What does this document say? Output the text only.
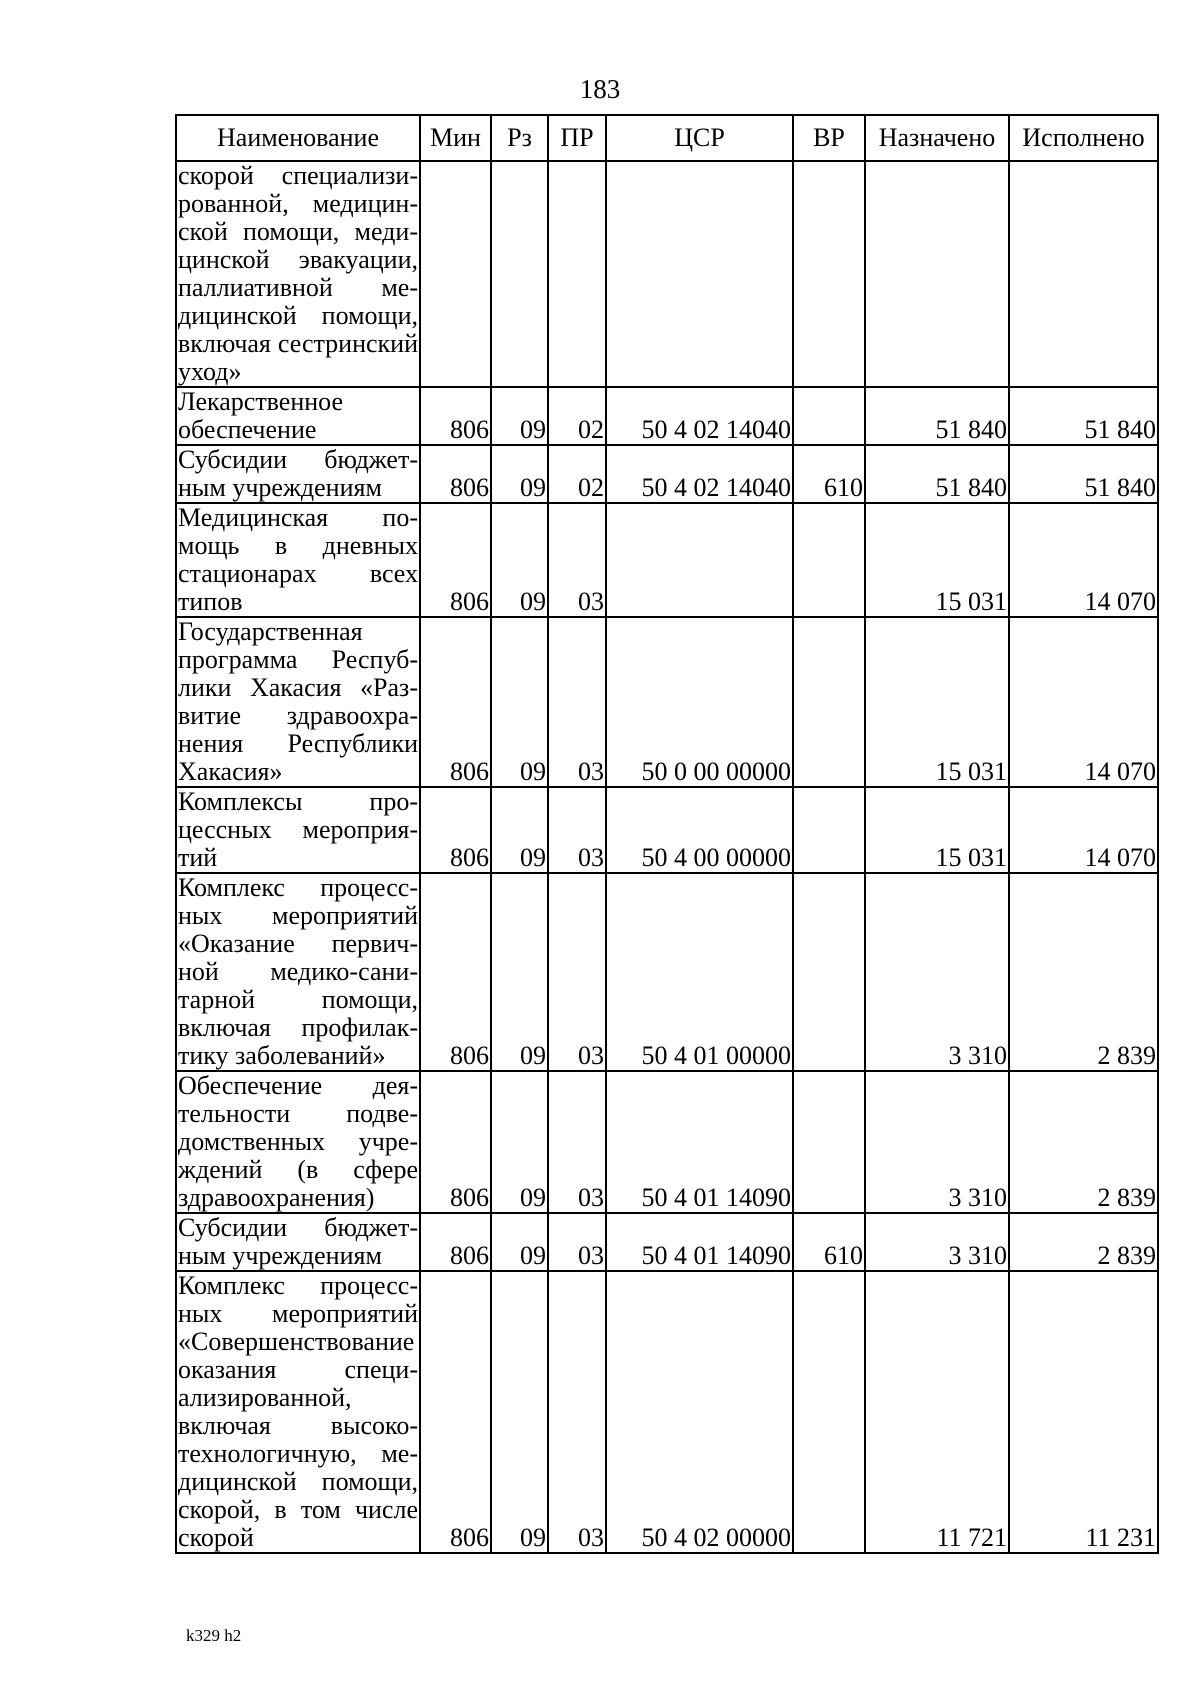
183
Наименование	Мин	Рз	ПР	ЦСР	ВР	Назначено	Исполнено
скорой специализированной, медицинской помощи, медицинской эвакуации, паллиативной медицинской помощи, включая сестринский уход»							
Лекарственное обеспечение	806	09	02	50 4 02 14040		51 840	51 840
Субсидии бюджетным учреждениям	806	09	02	50 4 02 14040	610	51 840	51 840
Медицинская помощь в дневных стационарах всех типов	806	09	03			15 031	14 070
Государственная программа Республики Хакасия «Развитие здравоохранения Республики Хакасия»	806	09	03	50 0 00 00000		15 031	14 070
Комплексы процессных мероприятий	806	09	03	50 4 00 00000		15 031	14 070
Комплекс процессных мероприятий «Оказание первичной медико-санитарной помощи, включая профилактику заболеваний»	806	09	03	50 4 01 00000		3 310	2 839
Обеспечение деятельности подведомственных учреждений (в сфере здравоохранения)	806	09	03	50 4 01 14090		3 310	2 839
Субсидии бюджетным учреждениям	806	09	03	50 4 01 14090	610	3 310	2 839
Комплекс процессных мероприятий «Совершенствование оказания специализированной, включая высокотехнологичную, медицинской помощи, скорой, в том числе скорой	806	09	03	50 4 02 00000		11 721	11 231
k329 h2
